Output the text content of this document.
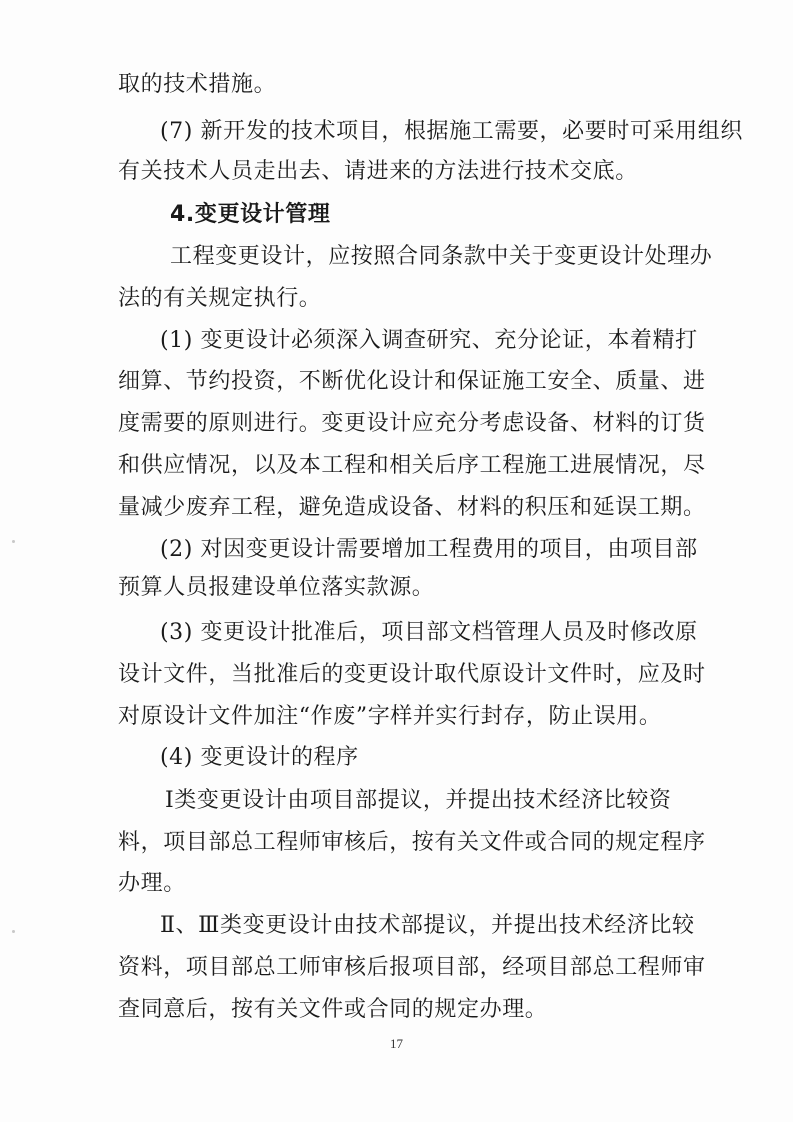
取的技术措施。
(7) 新开发的技术项目，根据施工需要，必要时可采用组织
有关技术人员走出去、请进来的方法进行技术交底。
4.变更设计管理
工程变更设计，应按照合同条款中关于变更设计处理办
法的有关规定执行。
(1) 变更设计必须深入调查研究、充分论证，本着精打
细算、节约投资，不断优化设计和保证施工安全、质量、进
度需要的原则进行。变更设计应充分考虑设备、材料的订货
和供应情况，以及本工程和相关后序工程施工进展情况，尽
量减少废弃工程，避免造成设备、材料的积压和延误工期。
(2) 对因变更设计需要增加工程费用的项目，由项目部
预算人员报建设单位落实款源。
(3) 变更设计批准后，项目部文档管理人员及时修改原
设计文件，当批准后的变更设计取代原设计文件时，应及时
对原设计文件加注“作废”字样并实行封存，防止误用。
(4) 变更设计的程序
Ⅰ类变更设计由项目部提议，并提出技术经济比较资
料，项目部总工程师审核后，按有关文件或合同的规定程序
办理。
Ⅱ、Ⅲ类变更设计由技术部提议，并提出技术经济比较
资料，项目部总工师审核后报项目部，经项目部总工程师审
查同意后，按有关文件或合同的规定办理。
17
